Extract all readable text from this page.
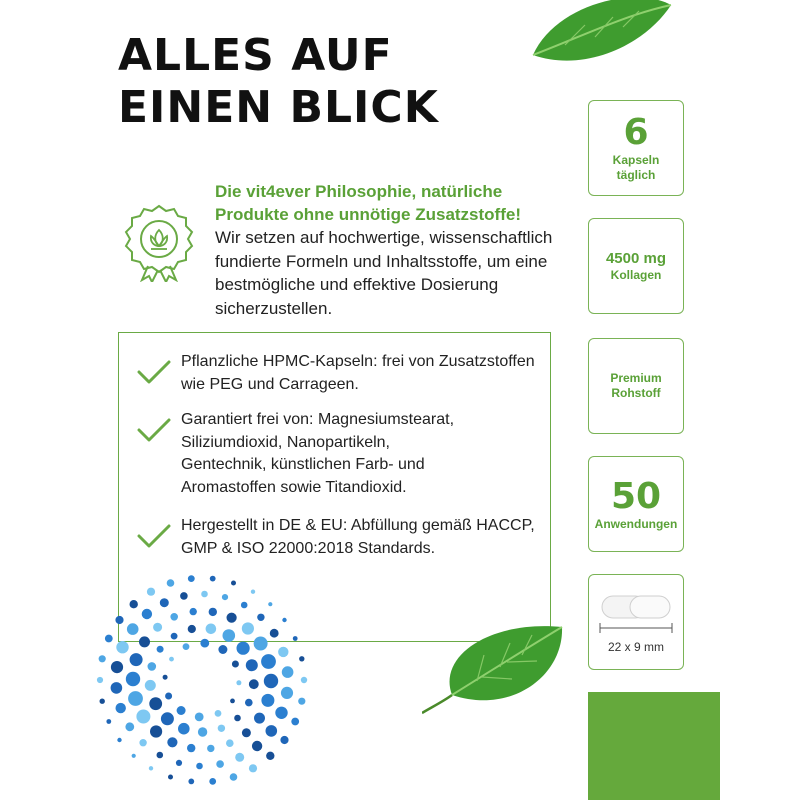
ALLES AUF
EINEN BLICK
Die vit4ever Philosophie, natürliche Produkte ohne unnötige Zusatzstoffe!
Wir setzen auf hochwertige, wissenschaftlich fundierte Formeln und Inhaltsstoffe, um eine bestmögliche und effektive Dosierung sicherzustellen.
Pflanzliche HPMC-Kapseln: frei von Zusatzstoffen wie PEG und Carrageen.
Garantiert frei von: Magnesiumstearat, Siliziumdioxid, Nanopartikeln, Gentechnik, künstlichen Farb- und Aromastoffen sowie Titandioxid.
Hergestellt in DE & EU: Abfüllung gemäß HACCP, GMP & ISO 22000:2018 Standards.
6
Kapseln
täglich
4500 mg
Kollagen
Premium
Rohstoff
50
Anwendungen
22 x 9 mm
